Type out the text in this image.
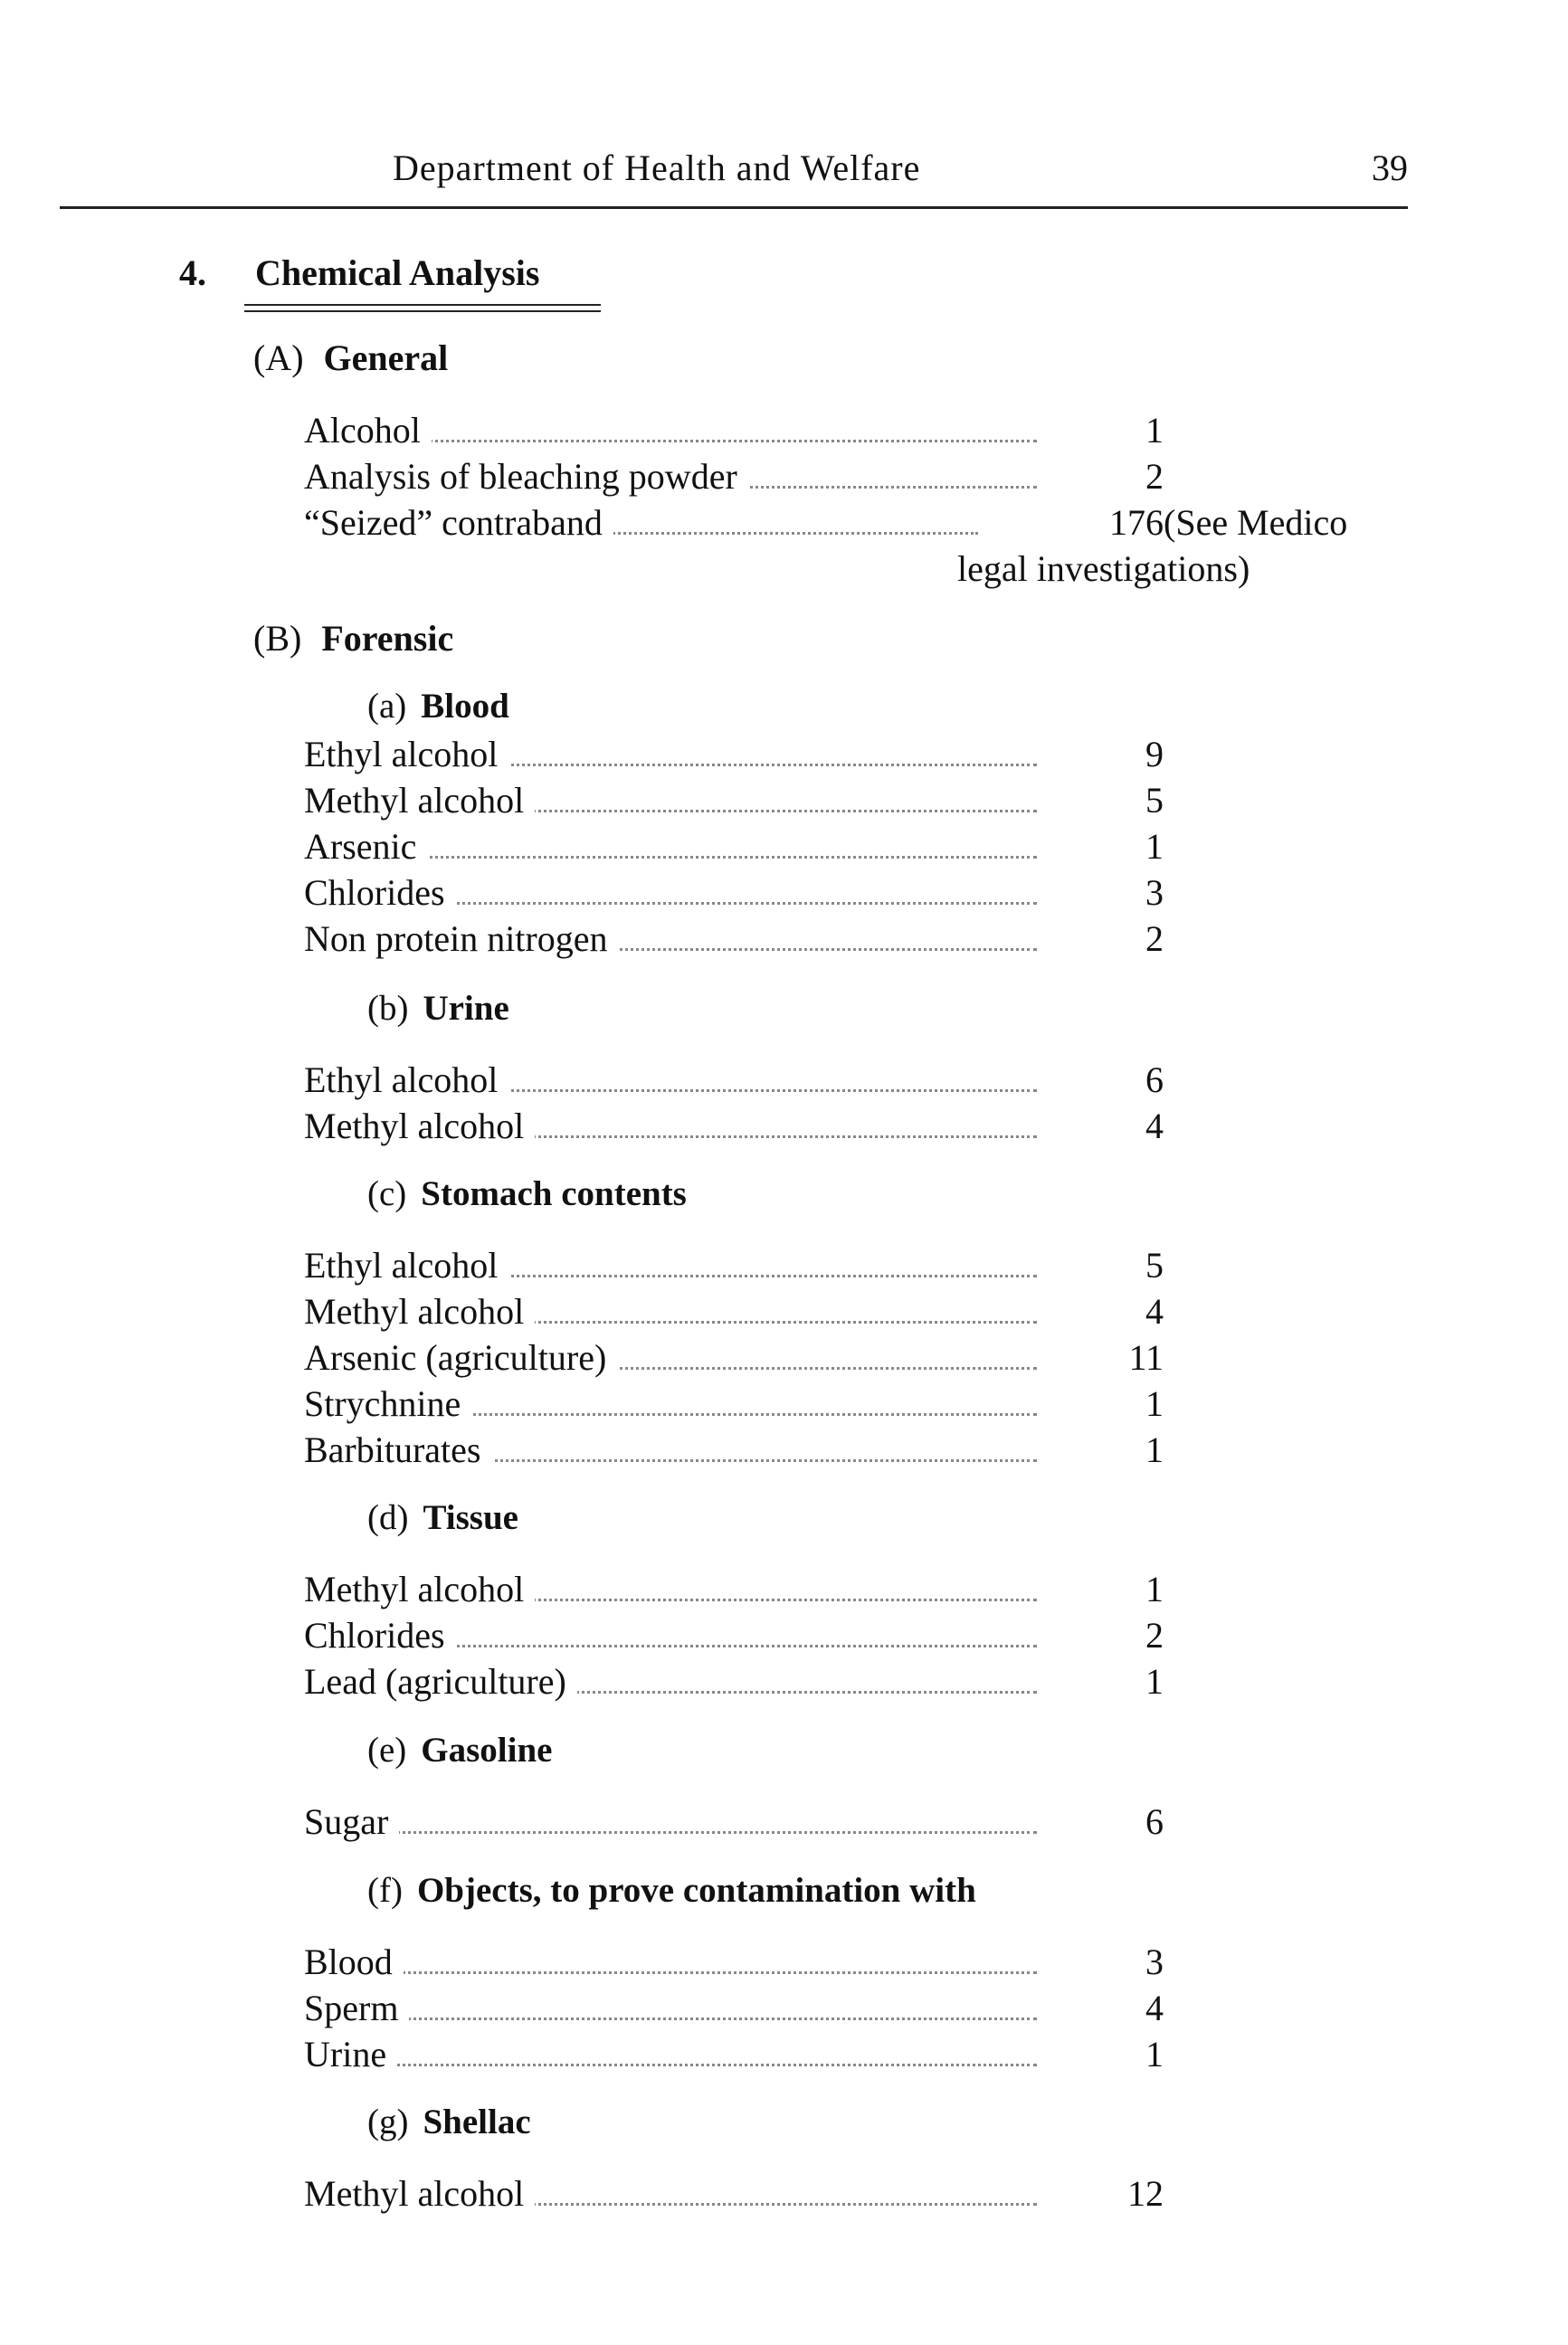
Department of Health and Welfare	39
4. Chemical Analysis
(A) General
Alcohol	1
Analysis of bleaching powder	2
“Seized” contraband	176 (See Medico
legal investigations)
(B) Forensic
(a) Blood
Ethyl alcohol	9
Methyl alcohol	5
Arsenic	1
Chlorides	3
Non protein nitrogen	2
(b) Urine
Ethyl alcohol	6
Methyl alcohol	4
(c) Stomach contents
Ethyl alcohol	5
Methyl alcohol	4
Arsenic (agriculture)	11
Strychnine	1
Barbiturates	1
(d) Tissue
Methyl alcohol	1
Chlorides	2
Lead (agriculture)	1
(e) Gasoline
Sugar	6
(f) Objects, to prove contamination with
Blood	3
Sperm	4
Urine	1
(g) Shellac
Methyl alcohol	12
